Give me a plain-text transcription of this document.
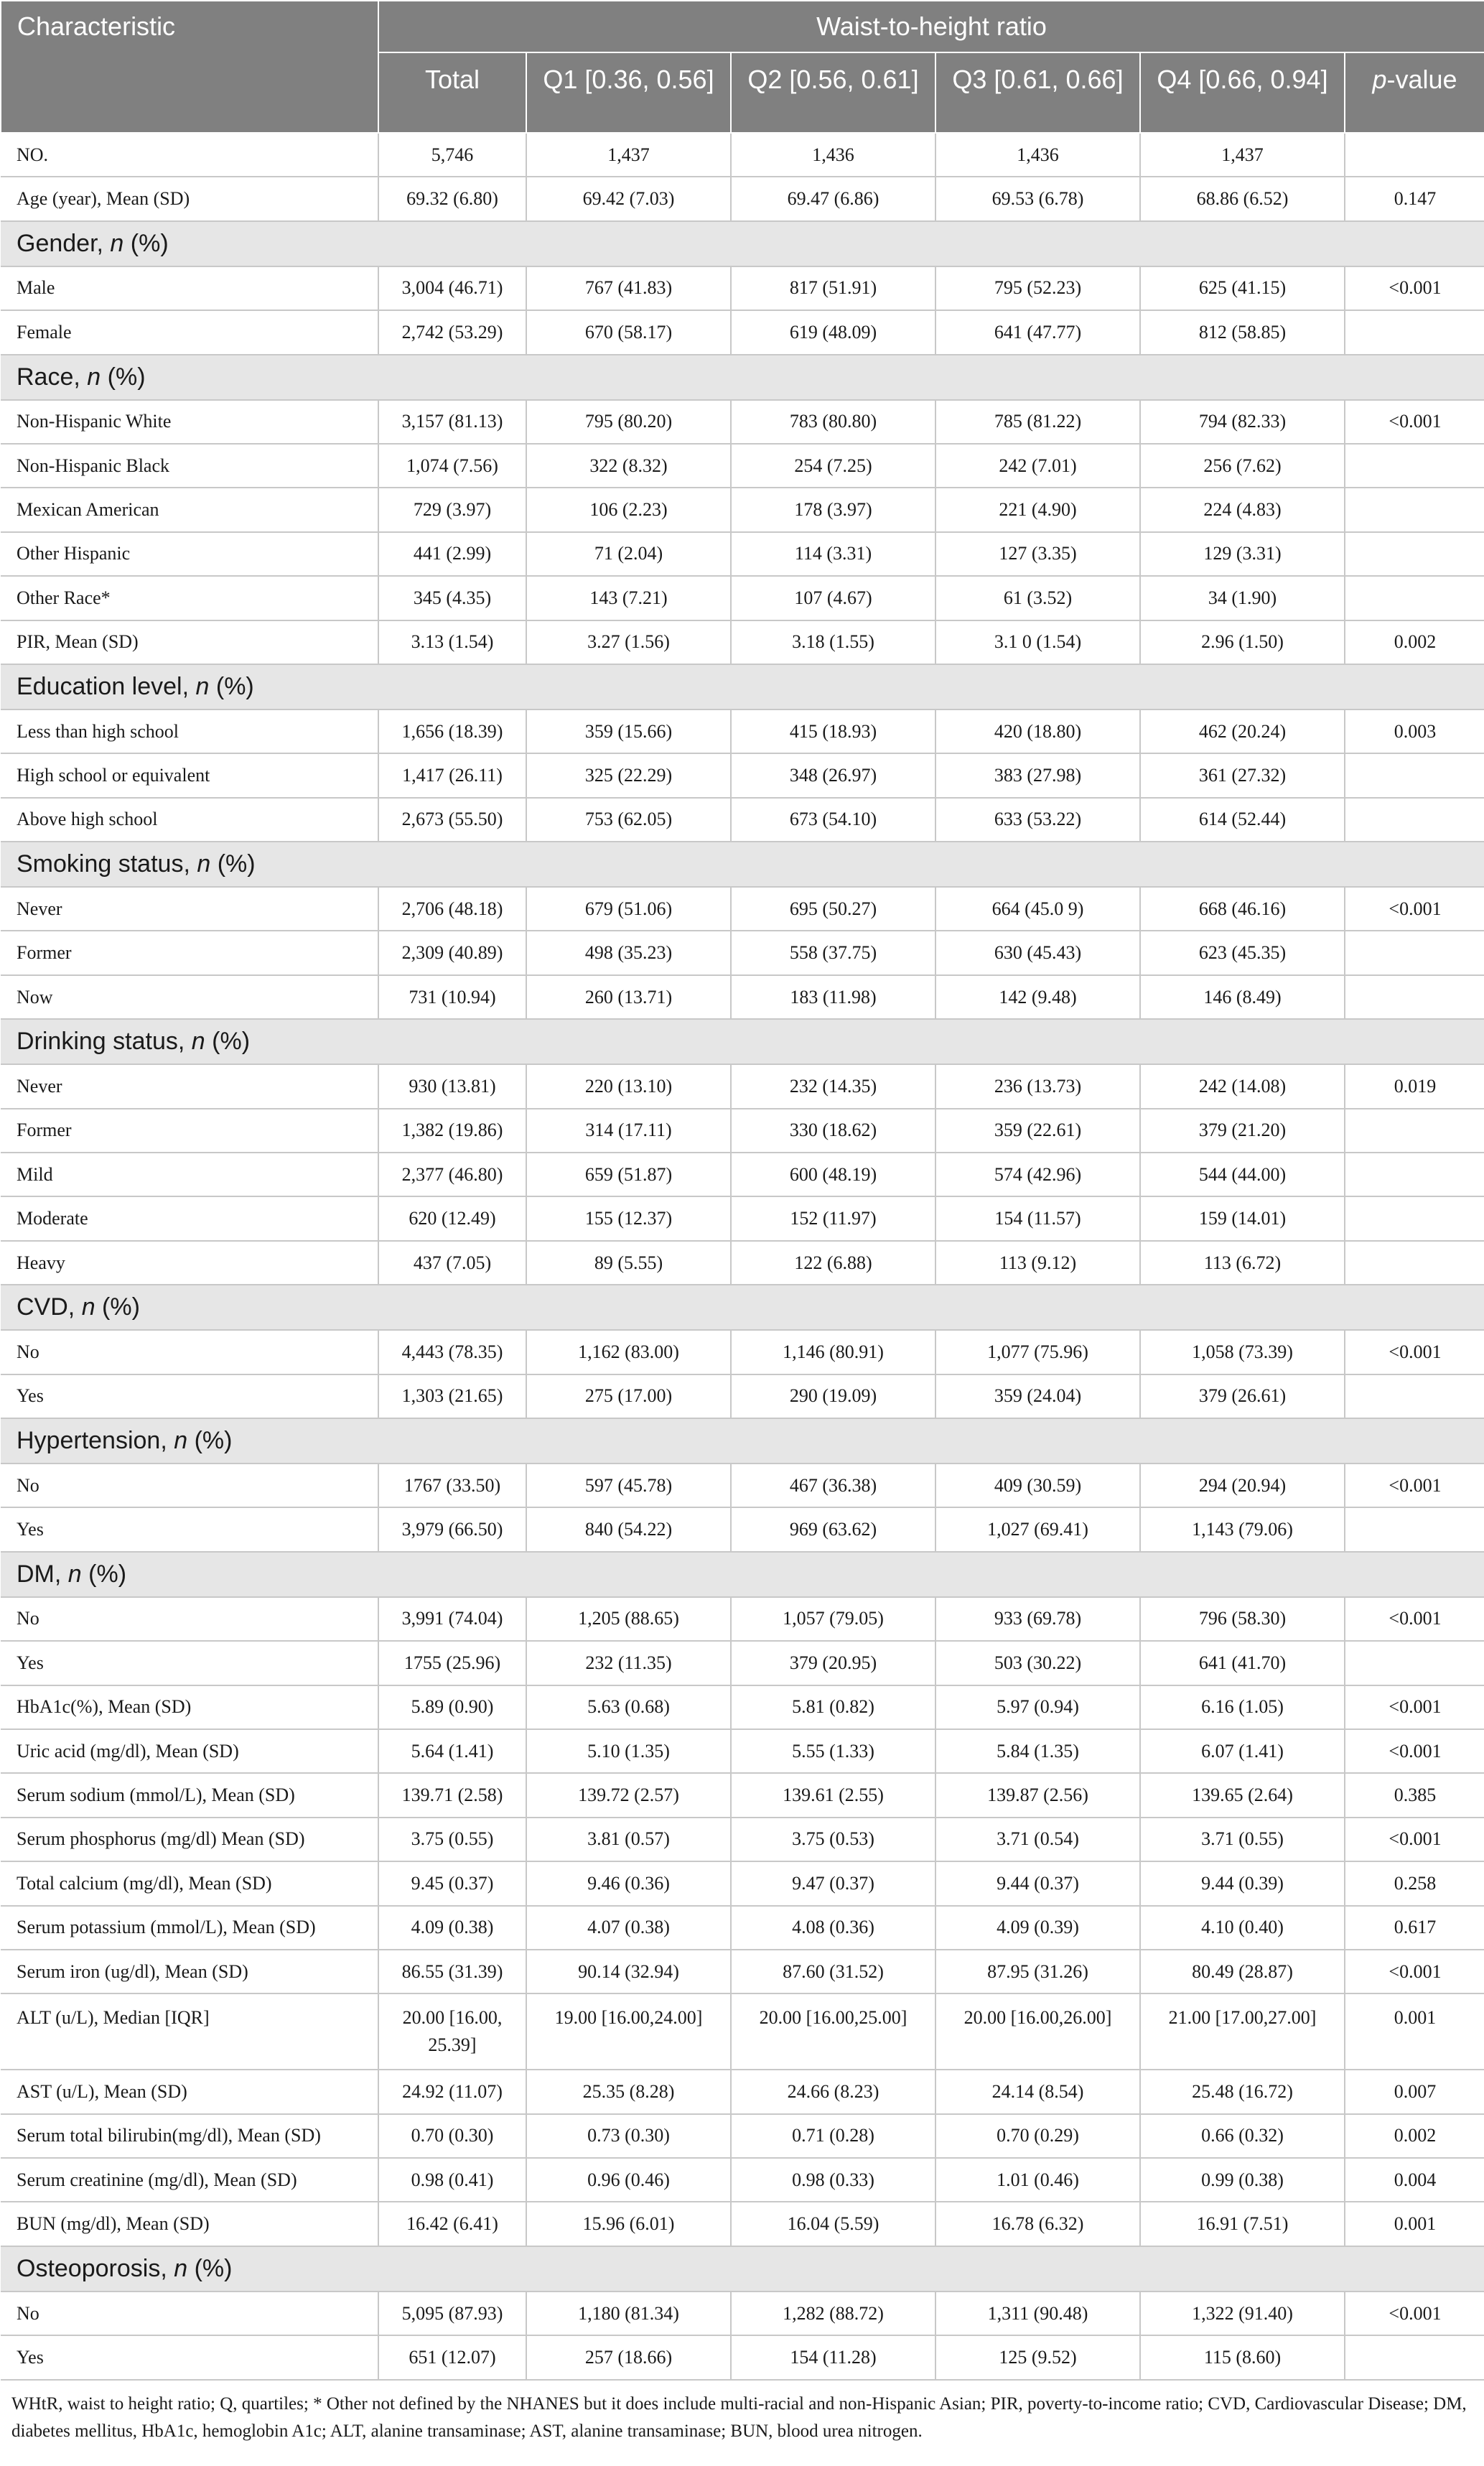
Characteristic	Waist-to-height ratio					
	Total	Q1 [0.36, 0.56]	Q2 [0.56, 0.61]	Q3 [0.61, 0.66]	Q4 [0.66, 0.94]	p-value
NO.	5,746	1,437	1,436	1,436	1,437	
Age (year), Mean (SD)	69.32 (6.80)	69.42 (7.03)	69.47 (6.86)	69.53 (6.78)	68.86 (6.52)	0.147
Gender, n (%)						
Male	3,004 (46.71)	767 (41.83)	817 (51.91)	795 (52.23)	625 (41.15)	<0.001
Female	2,742 (53.29)	670 (58.17)	619 (48.09)	641 (47.77)	812 (58.85)	
Race, n (%)						
Non-Hispanic White	3,157 (81.13)	795 (80.20)	783 (80.80)	785 (81.22)	794 (82.33)	<0.001
Non-Hispanic Black	1,074 (7.56)	322 (8.32)	254 (7.25)	242 (7.01)	256 (7.62)	
Mexican American	729 (3.97)	106 (2.23)	178 (3.97)	221 (4.90)	224 (4.83)	
Other Hispanic	441 (2.99)	71 (2.04)	114 (3.31)	127 (3.35)	129 (3.31)	
Other Race*	345 (4.35)	143 (7.21)	107 (4.67)	61 (3.52)	34 (1.90)	
PIR, Mean (SD)	3.13 (1.54)	3.27 (1.56)	3.18 (1.55)	3.1 0 (1.54)	2.96 (1.50)	0.002
Education level, n (%)						
Less than high school	1,656 (18.39)	359 (15.66)	415 (18.93)	420 (18.80)	462 (20.24)	0.003
High school or equivalent	1,417 (26.11)	325 (22.29)	348 (26.97)	383 (27.98)	361 (27.32)	
Above high school	2,673 (55.50)	753 (62.05)	673 (54.10)	633 (53.22)	614 (52.44)	
Smoking status, n (%)						
Never	2,706 (48.18)	679 (51.06)	695 (50.27)	664 (45.0 9)	668 (46.16)	<0.001
Former	2,309 (40.89)	498 (35.23)	558 (37.75)	630 (45.43)	623 (45.35)	
Now	731 (10.94)	260 (13.71)	183 (11.98)	142 (9.48)	146 (8.49)	
Drinking status, n (%)						
Never	930 (13.81)	220 (13.10)	232 (14.35)	236 (13.73)	242 (14.08)	0.019
Former	1,382 (19.86)	314 (17.11)	330 (18.62)	359 (22.61)	379 (21.20)	
Mild	2,377 (46.80)	659 (51.87)	600 (48.19)	574 (42.96)	544 (44.00)	
Moderate	620 (12.49)	155 (12.37)	152 (11.97)	154 (11.57)	159 (14.01)	
Heavy	437 (7.05)	89 (5.55)	122 (6.88)	113 (9.12)	113 (6.72)	
CVD, n (%)						
No	4,443 (78.35)	1,162 (83.00)	1,146 (80.91)	1,077 (75.96)	1,058 (73.39)	<0.001
Yes	1,303 (21.65)	275 (17.00)	290 (19.09)	359 (24.04)	379 (26.61)	
Hypertension, n (%)						
No	1767 (33.50)	597 (45.78)	467 (36.38)	409 (30.59)	294 (20.94)	<0.001
Yes	3,979 (66.50)	840 (54.22)	969 (63.62)	1,027 (69.41)	1,143 (79.06)	
DM, n (%)						
No	3,991 (74.04)	1,205 (88.65)	1,057 (79.05)	933 (69.78)	796 (58.30)	<0.001
Yes	1755 (25.96)	232 (11.35)	379 (20.95)	503 (30.22)	641 (41.70)	
HbA1c(%), Mean (SD)	5.89 (0.90)	5.63 (0.68)	5.81 (0.82)	5.97 (0.94)	6.16 (1.05)	<0.001
Uric acid (mg/dl), Mean (SD)	5.64 (1.41)	5.10 (1.35)	5.55 (1.33)	5.84 (1.35)	6.07 (1.41)	<0.001
Serum sodium (mmol/L), Mean (SD)	139.71 (2.58)	139.72 (2.57)	139.61 (2.55)	139.87 (2.56)	139.65 (2.64)	0.385
Serum phosphorus (mg/dl) Mean (SD)	3.75 (0.55)	3.81 (0.57)	3.75 (0.53)	3.71 (0.54)	3.71 (0.55)	<0.001
Total calcium (mg/dl), Mean (SD)	9.45 (0.37)	9.46 (0.36)	9.47 (0.37)	9.44 (0.37)	9.44 (0.39)	0.258
Serum potassium (mmol/L), Mean (SD)	4.09 (0.38)	4.07 (0.38)	4.08 (0.36)	4.09 (0.39)	4.10 (0.40)	0.617
Serum iron (ug/dl), Mean (SD)	86.55 (31.39)	90.14 (32.94)	87.60 (31.52)	87.95 (31.26)	80.49 (28.87)	<0.001
ALT (u/L), Median [IQR]	20.00 [16.00, 25.39]	19.00 [16.00,24.00]	20.00 [16.00,25.00]	20.00 [16.00,26.00]	21.00 [17.00,27.00]	0.001
AST (u/L), Mean (SD)	24.92 (11.07)	25.35 (8.28)	24.66 (8.23)	24.14 (8.54)	25.48 (16.72)	0.007
Serum total bilirubin(mg/dl), Mean (SD)	0.70 (0.30)	0.73 (0.30)	0.71 (0.28)	0.70 (0.29)	0.66 (0.32)	0.002
Serum creatinine (mg/dl), Mean (SD)	0.98 (0.41)	0.96 (0.46)	0.98 (0.33)	1.01 (0.46)	0.99 (0.38)	0.004
BUN (mg/dl), Mean (SD)	16.42 (6.41)	15.96 (6.01)	16.04 (5.59)	16.78 (6.32)	16.91 (7.51)	0.001
Osteoporosis, n (%)						
No	5,095 (87.93)	1,180 (81.34)	1,282 (88.72)	1,311 (90.48)	1,322 (91.40)	<0.001
Yes	651 (12.07)	257 (18.66)	154 (11.28)	125 (9.52)	115 (8.60)	
WHtR, waist to height ratio; Q, quartiles; * Other not defined by the NHANES but it does include multi-racial and non-Hispanic Asian; PIR, poverty-to-income ratio; CVD, Cardiovascular Disease; DM, diabetes mellitus, HbA1c, hemoglobin A1c; ALT, alanine transaminase; AST, alanine transaminase; BUN, blood urea nitrogen.
